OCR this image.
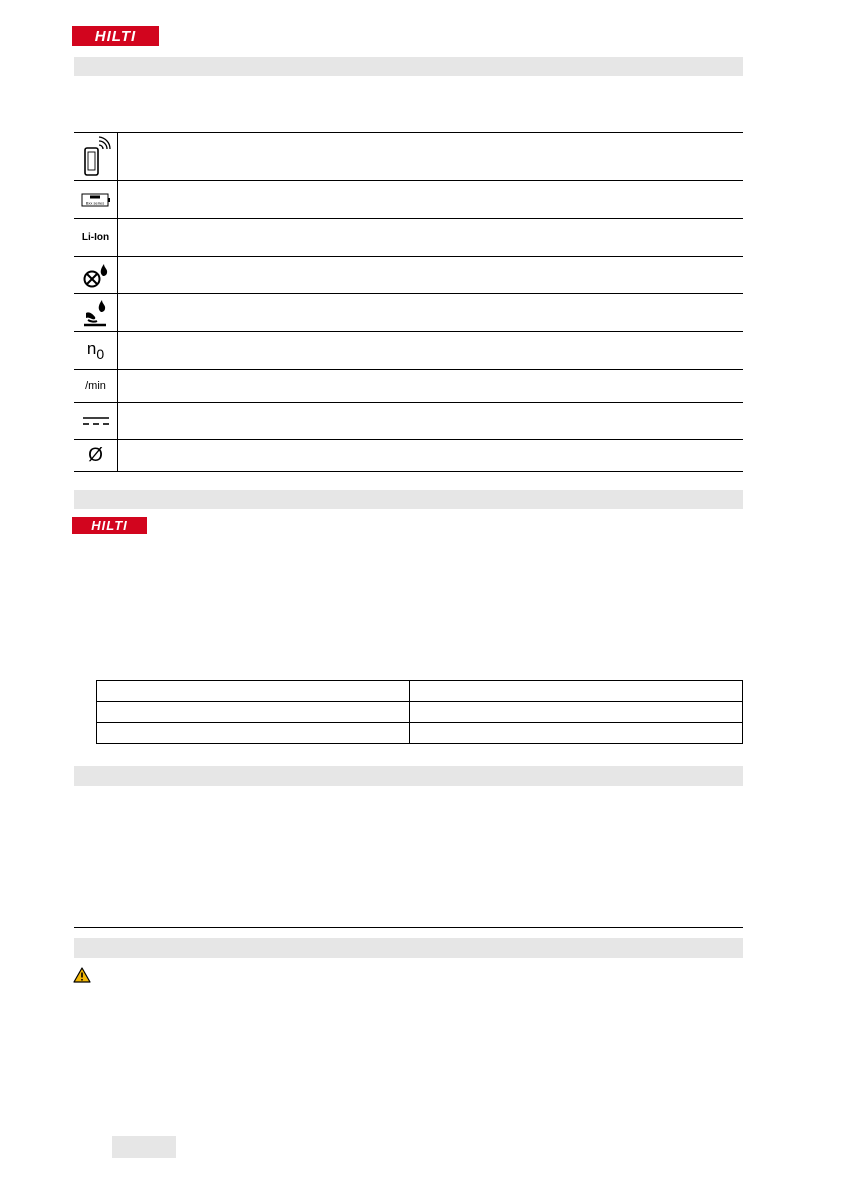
HILTI
Bxx series
Li-Ion
$n_0$
/min
Ø
HILTI
